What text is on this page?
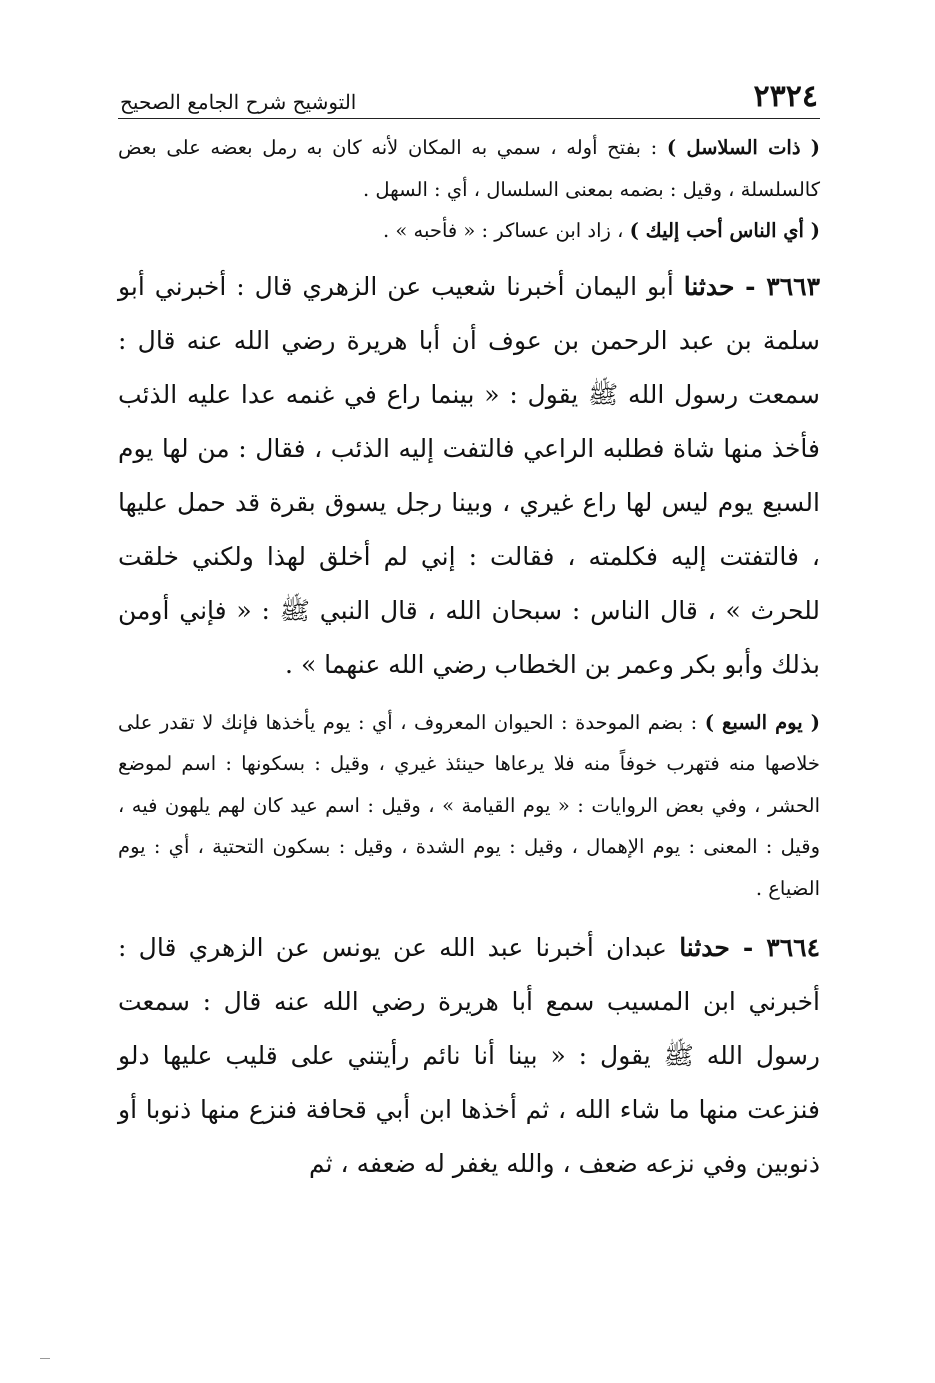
٢٣٢٤
التوشيح شرح الجامع الصحيح

( ذات السلاسل ) : بفتح أوله ، سمي به المكان لأنه كان به رمل بعضه على بعض كالسلسلة ، وقيل : بضمه بمعنى السلسال ، أي : السهل .

( أي الناس أحب إليك ) ، زاد ابن عساكر : « فأحبه » .

٣٦٦٣ - حدثنا أبو اليمان أخبرنا شعيب عن الزهري قال : أخبرني أبو سلمة بن عبد الرحمن بن عوف أن أبا هريرة رضي الله عنه قال : سمعت رسول الله ﷺ يقول : « بينما راع في غنمه عدا عليه الذئب فأخذ منها شاة فطلبه الراعي فالتفت إليه الذئب ، فقال : من لها يوم السبع يوم ليس لها راع غيري ، وبينا رجل يسوق بقرة قد حمل عليها ، فالتفتت إليه فكلمته ، فقالت : إني لم أخلق لهذا ولكني خلقت للحرث » ، قال الناس : سبحان الله ، قال النبي ﷺ : « فإني أومن بذلك وأبو بكر وعمر بن الخطاب رضي الله عنهما » .

( يوم السبع ) : بضم الموحدة : الحيوان المعروف ، أي : يوم يأخذها فإنك لا تقدر على خلاصها منه فتهرب خوفاً منه فلا يرعاها حينئذ غيري ، وقيل : بسكونها : اسم لموضع الحشر ، وفي بعض الروايات : « يوم القيامة » ، وقيل : اسم عيد كان لهم يلهون فيه ، وقيل : المعنى : يوم الإهمال ، وقيل : يوم الشدة ، وقيل : بسكون التحتية ، أي : يوم الضياع .

٣٦٦٤ - حدثنا عبدان أخبرنا عبد الله عن يونس عن الزهري قال : أخبرني ابن المسيب سمع أبا هريرة رضي الله عنه قال : سمعت رسول الله ﷺ يقول : « بينا أنا نائم رأيتني على قليب عليها دلو فنزعت منها ما شاء الله ، ثم أخذها ابن أبي قحافة فنزع منها ذنوبا أو ذنوبين وفي نزعه ضعف ، والله يغفر له ضعفه ، ثم
